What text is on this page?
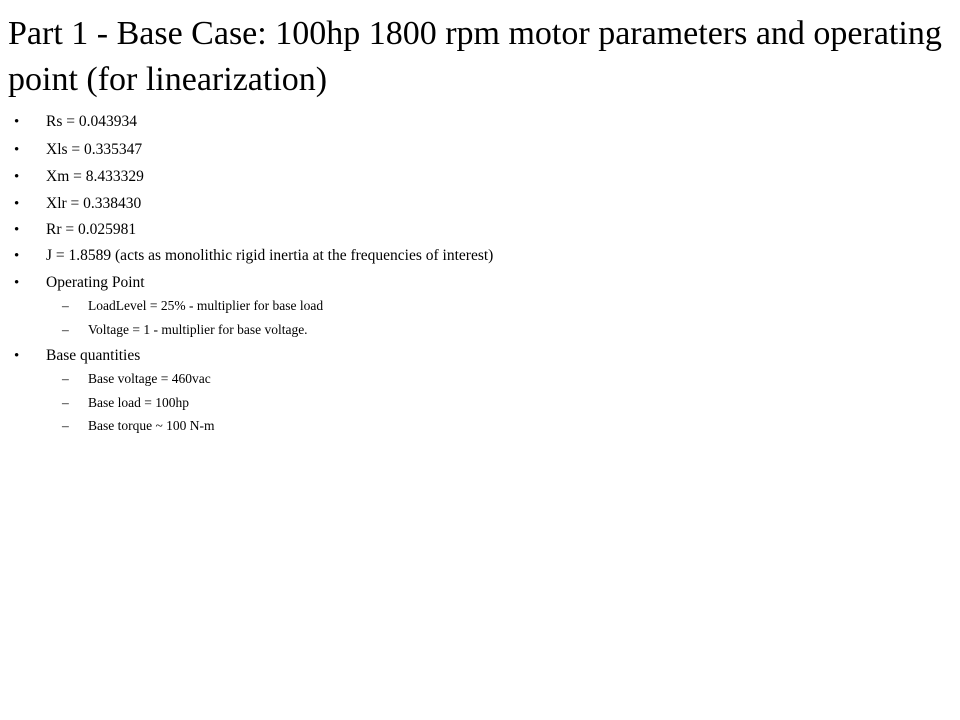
Part 1 - Base Case: 100hp 1800 rpm motor parameters and operating point (for linearization)
• Rs = 0.043934
• Xls = 0.335347
• Xm = 8.433329
• Xlr = 0.338430
• Rr = 0.025981
• J = 1.8589 (acts as monolithic rigid inertia at the frequencies of interest)
• Operating Point
– LoadLevel = 25% - multiplier for base load
– Voltage = 1 - multiplier for base voltage.
• Base quantities
– Base voltage = 460vac
– Base load = 100hp
– Base torque ~ 100 N-m
